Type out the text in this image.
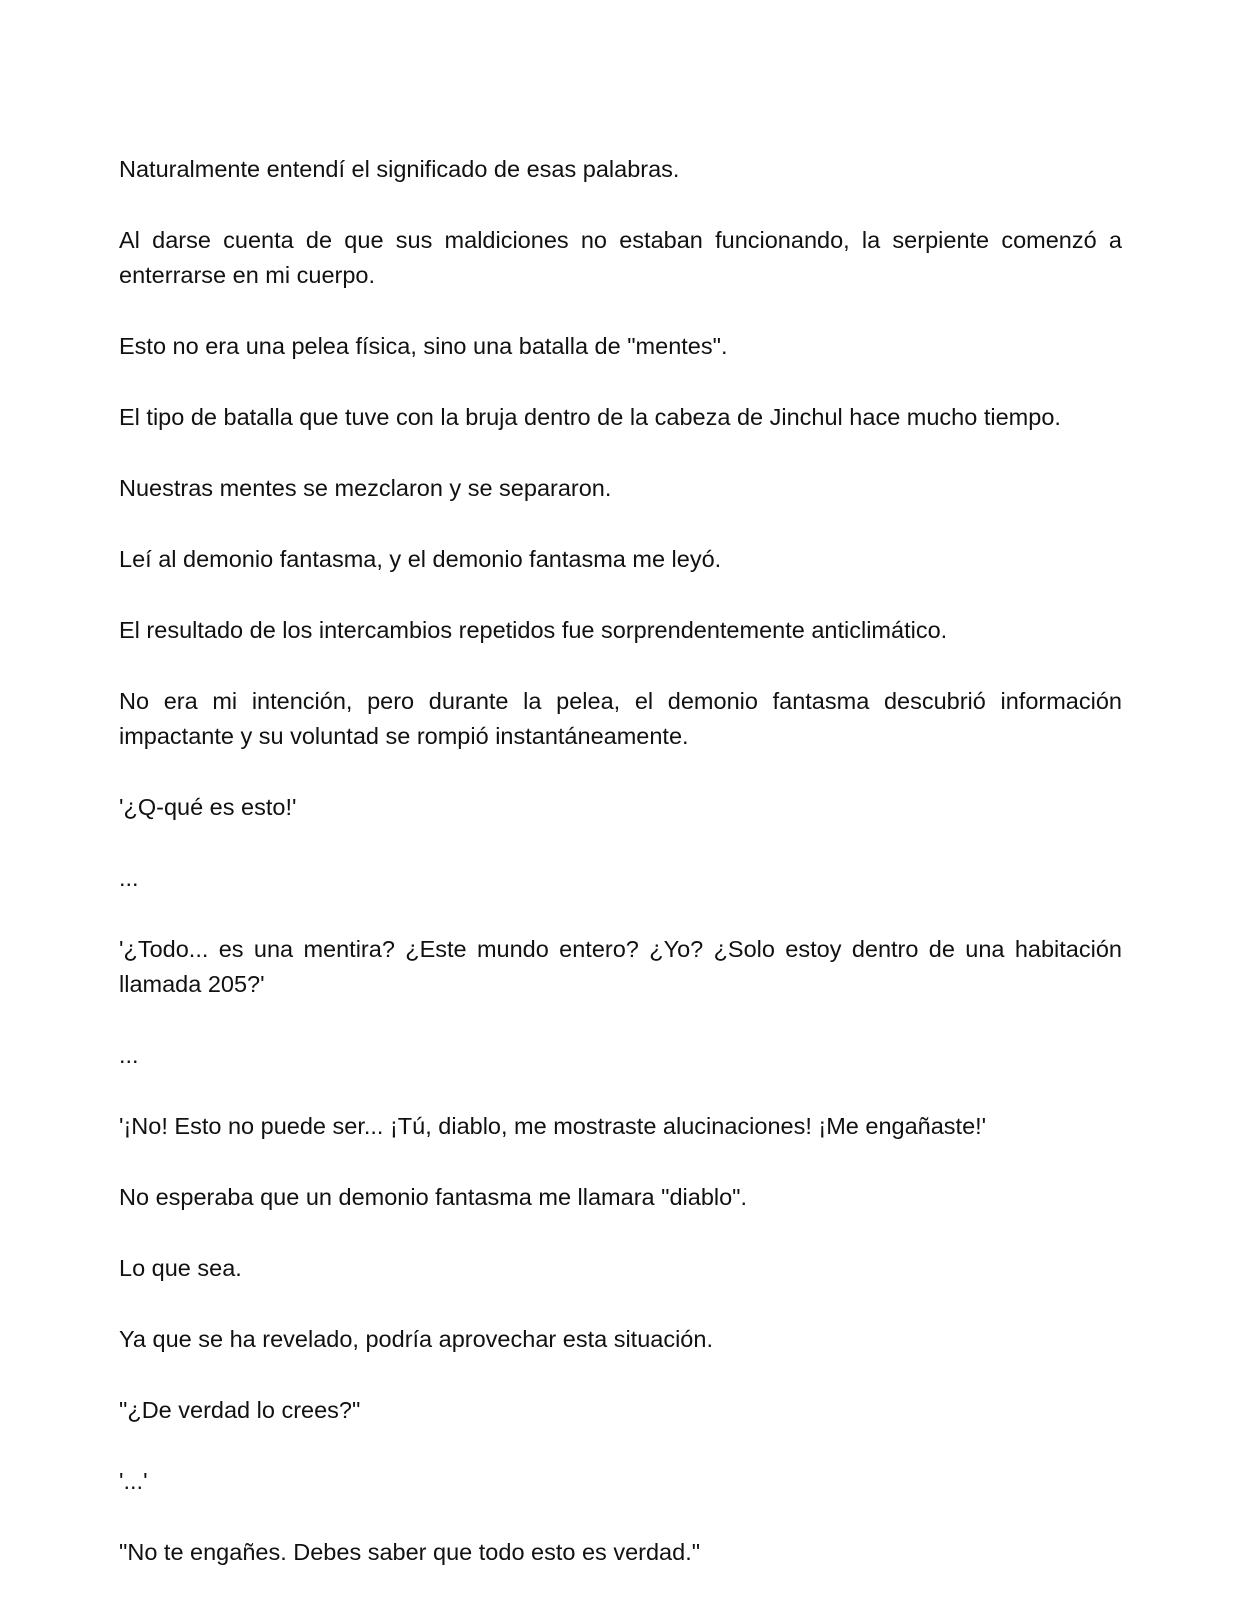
Naturalmente entendí el significado de esas palabras.

Al darse cuenta de que sus maldiciones no estaban funcionando, la serpiente comenzó a enterrarse en mi cuerpo.

Esto no era una pelea física, sino una batalla de "mentes".

El tipo de batalla que tuve con la bruja dentro de la cabeza de Jinchul hace mucho tiempo.

Nuestras mentes se mezclaron y se separaron.

Leí al demonio fantasma, y el demonio fantasma me leyó.

El resultado de los intercambios repetidos fue sorprendentemente anticlimático.

No era mi intención, pero durante la pelea, el demonio fantasma descubrió información impactante y su voluntad se rompió instantáneamente.

'¿Q-qué es esto!'

...

'¿Todo... es una mentira? ¿Este mundo entero? ¿Yo? ¿Solo estoy dentro de una habitación llamada 205?'

...

'¡No! Esto no puede ser... ¡Tú, diablo, me mostraste alucinaciones! ¡Me engañaste!'

No esperaba que un demonio fantasma me llamara "diablo".

Lo que sea.

Ya que se ha revelado, podría aprovechar esta situación.

"¿De verdad lo crees?"

'...'

"No te engañes. Debes saber que todo esto es verdad."
